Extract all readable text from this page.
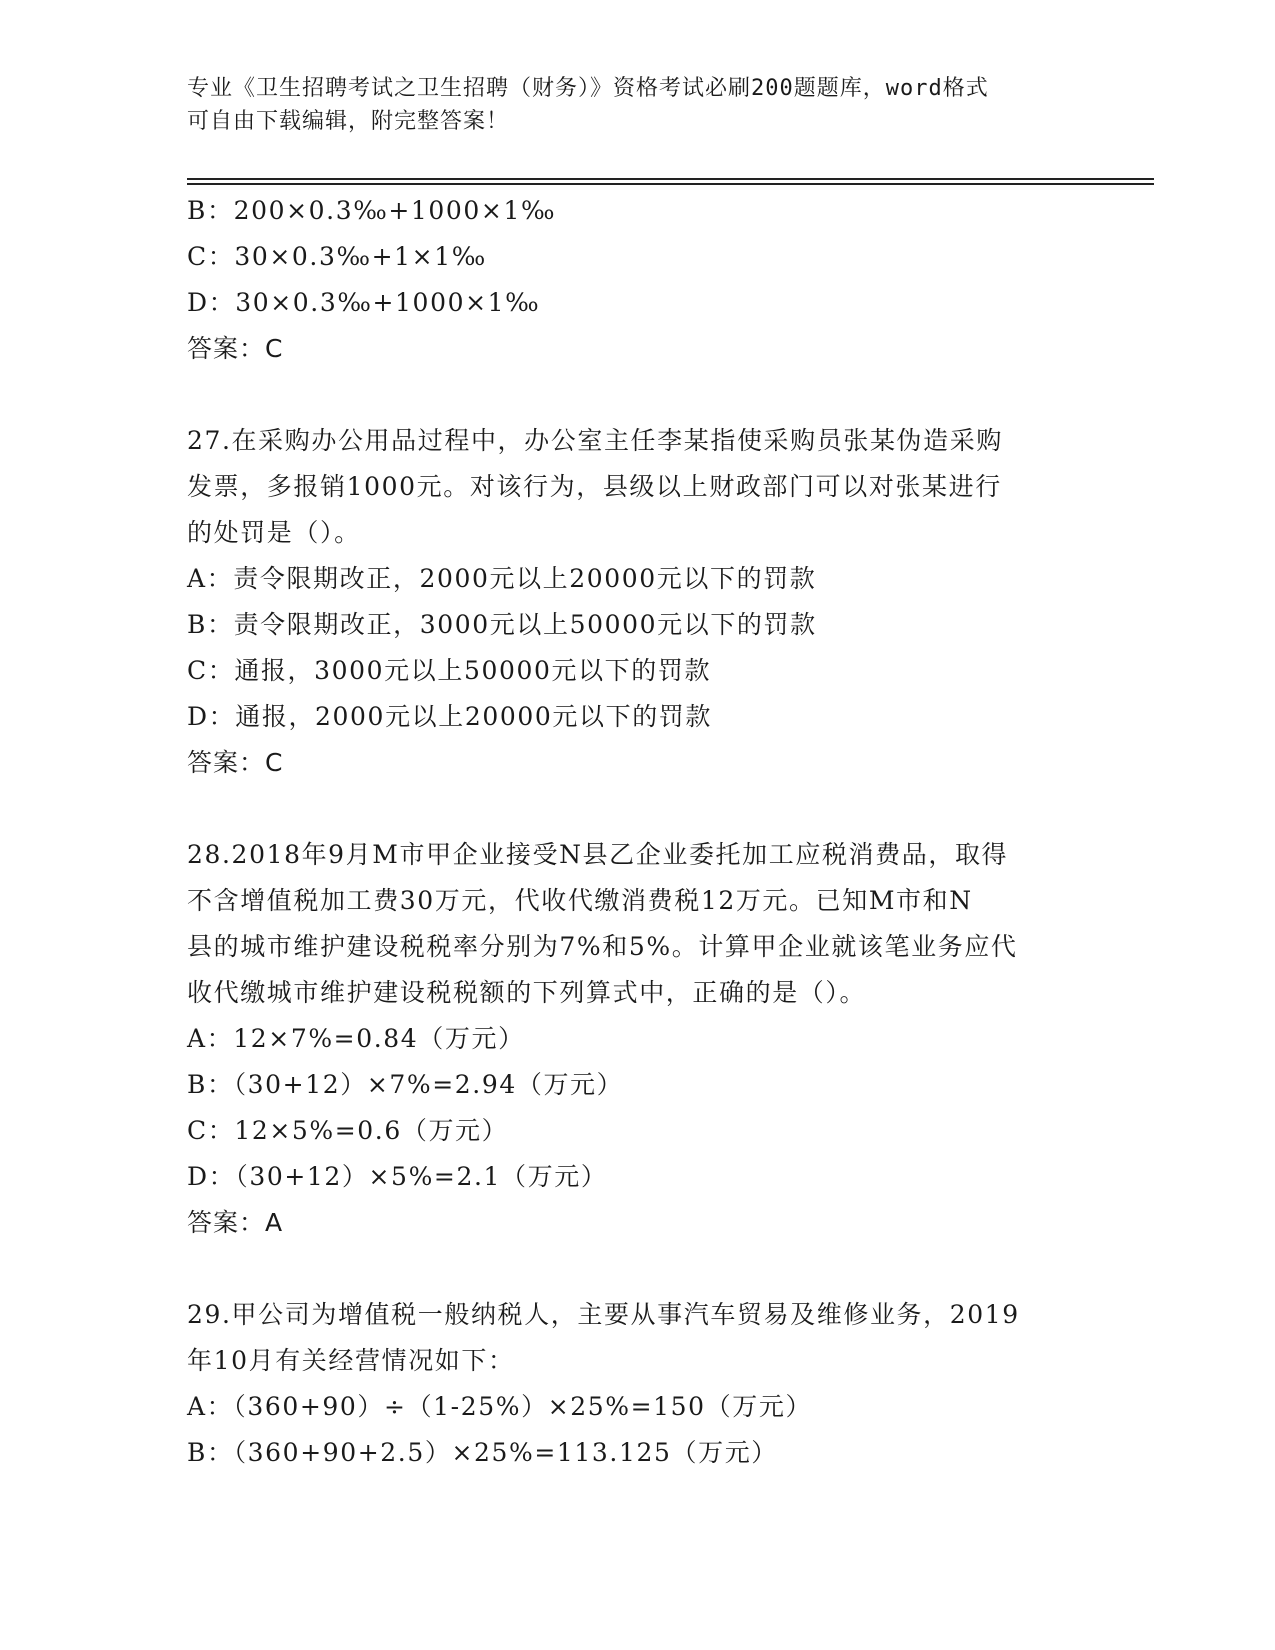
专业《卫生招聘考试之卫生招聘（财务）》资格考试必刷200题题库，word格式
可自由下载编辑，附完整答案！
B：200×0.3‰+1000×1‰
C：30×0.3‰+1×1‰
D：30×0.3‰+1000×1‰
答案：C
27.在采购办公用品过程中，办公室主任李某指使采购员张某伪造采购
发票，多报销1000元。对该行为，县级以上财政部门可以对张某进行
的处罚是（）。
A：责令限期改正，2000元以上20000元以下的罚款
B：责令限期改正，3000元以上50000元以下的罚款
C：通报，3000元以上50000元以下的罚款
D：通报，2000元以上20000元以下的罚款
答案：C
28.2018年9月M市甲企业接受N县乙企业委托加工应税消费品，取得
不含增值税加工费30万元，代收代缴消费税12万元。已知M市和N
县的城市维护建设税税率分别为7%和5%。计算甲企业就该笔业务应代
收代缴城市维护建设税税额的下列算式中，正确的是（）。
A：12×7%=0.84（万元）
B：（30+12）×7%=2.94（万元）
C：12×5%=0.6（万元）
D：（30+12）×5%=2.1（万元）
答案：A
29.甲公司为增值税一般纳税人，主要从事汽车贸易及维修业务，2019
年10月有关经营情况如下：
A：（360+90）÷（1-25%）×25%=150（万元）
B：（360+90+2.5）×25%=113.125（万元）
